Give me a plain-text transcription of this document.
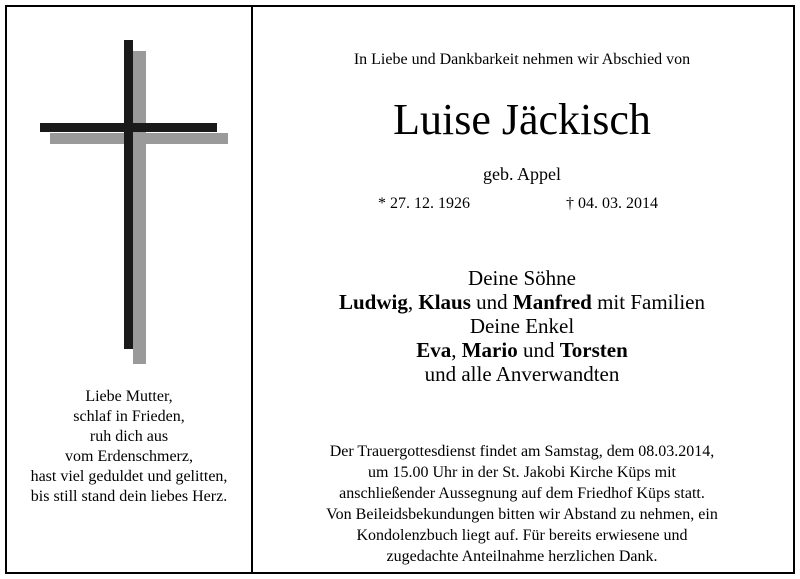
Liebe Mutter,
schlaf in Frieden,
ruh dich aus
vom Erdenschmerz,
hast viel geduldet und gelitten,
bis still stand dein liebes Herz.
In Liebe und Dankbarkeit nehmen wir Abschied von
Luise Jäckisch
geb. Appel
* 27. 12. 1926	† 04. 03. 2014
Deine Söhne
Ludwig, Klaus und Manfred mit Familien
Deine Enkel
Eva, Mario und Torsten
und alle Anverwandten
Der Trauergottesdienst findet am Samstag, dem 08.03.2014,
um 15.00 Uhr in der St. Jakobi Kirche Küps mit
anschließender Aussegnung auf dem Friedhof Küps statt.
Von Beileidsbekundungen bitten wir Abstand zu nehmen, ein
Kondolenzbuch liegt auf. Für bereits erwiesene und
zugedachte Anteilnahme herzlichen Dank.
